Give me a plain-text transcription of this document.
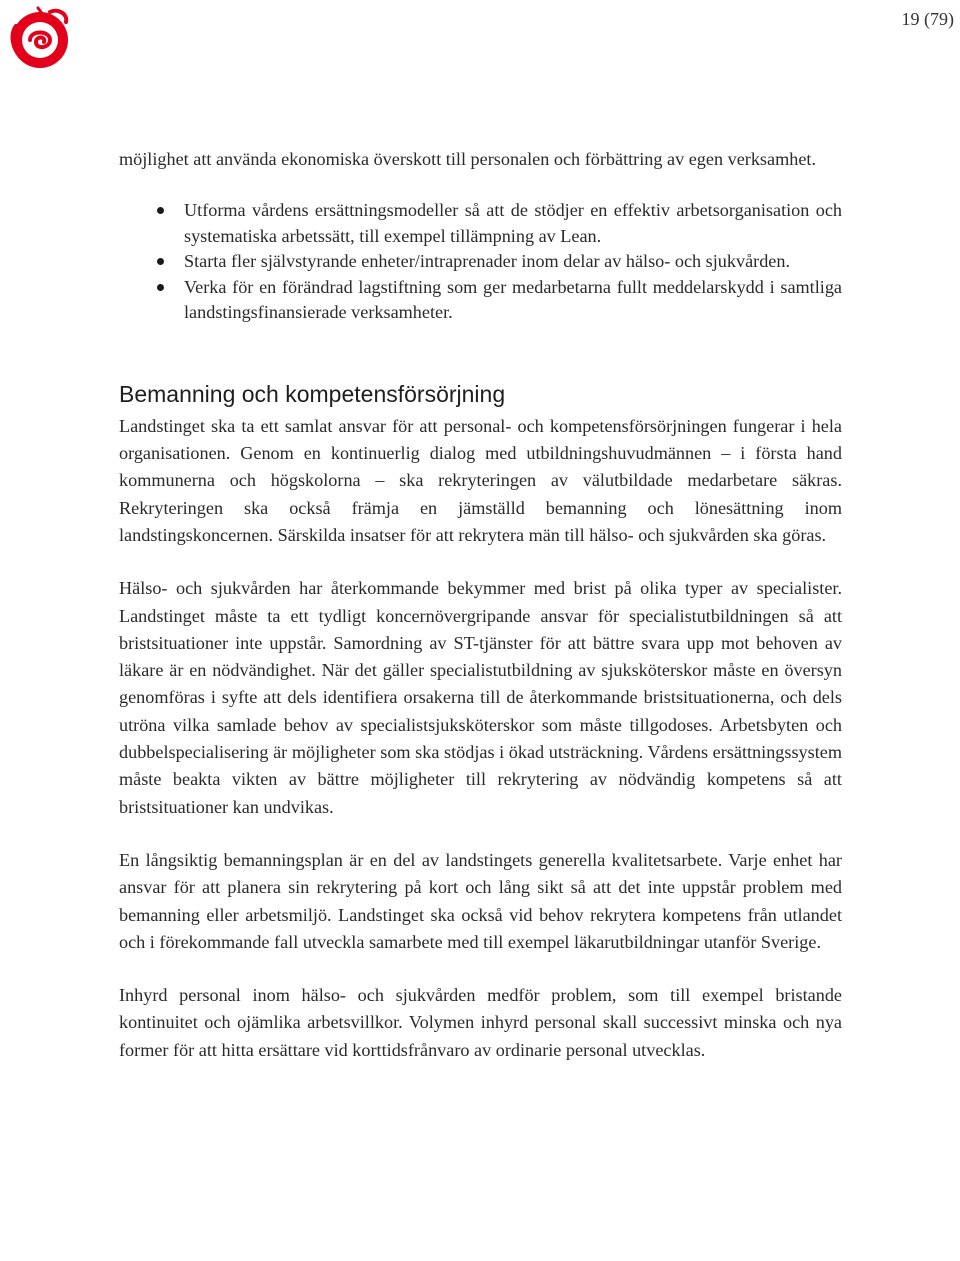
19 (79)

möjlighet att använda ekonomiska överskott till personalen och förbättring av egen verksamhet.

Utforma vårdens ersättningsmodeller så att de stödjer en effektiv arbetsorganisation och systematiska arbetssätt, till exempel tillämpning av Lean.

Starta fler självstyrande enheter/intraprenader inom delar av hälso- och sjukvården.

Verka för en förändrad lagstiftning som ger medarbetarna fullt meddelarskydd i samtliga landstingsfinansierade verksamheter.

Bemanning och kompetensförsörjning

Landstinget ska ta ett samlat ansvar för att personal- och kompetensförsörjningen fungerar i hela organisationen. Genom en kontinuerlig dialog med utbildningshuvudmännen – i första hand kommunerna och högskolorna – ska rekryteringen av välutbildade medarbetare säkras. Rekryteringen ska också främja en jämställd bemanning och lönesättning inom landstingskoncernen. Särskilda insatser för att rekrytera män till hälso- och sjukvården ska göras.

Hälso- och sjukvården har återkommande bekymmer med brist på olika typer av specialister. Landstinget måste ta ett tydligt koncernövergripande ansvar för specialistutbildningen så att bristsituationer inte uppstår. Samordning av ST-tjänster för att bättre svara upp mot behoven av läkare är en nödvändighet. När det gäller specialistutbildning av sjuksköterskor måste en översyn genomföras i syfte att dels identifiera orsakerna till de återkommande bristsituationerna, och dels utröna vilka samlade behov av specialistsjuksköterskor som måste tillgodoses. Arbetsbyten och dubbelspecialisering är möjligheter som ska stödjas i ökad utsträckning. Vårdens ersättningssystem måste beakta vikten av bättre möjligheter till rekrytering av nödvändig kompetens så att bristsituationer kan undvikas.

En långsiktig bemanningsplan är en del av landstingets generella kvalitetsarbete. Varje enhet har ansvar för att planera sin rekrytering på kort och lång sikt så att det inte uppstår problem med bemanning eller arbetsmiljö. Landstinget ska också vid behov rekrytera kompetens från utlandet och i förekommande fall utveckla samarbete med till exempel läkarutbildningar utanför Sverige.

Inhyrd personal inom hälso- och sjukvården medför problem, som till exempel bristande kontinuitet och ojämlika arbetsvillkor. Volymen inhyrd personal skall successivt minska och nya former för att hitta ersättare vid korttidsfrånvaro av ordinarie personal utvecklas.
